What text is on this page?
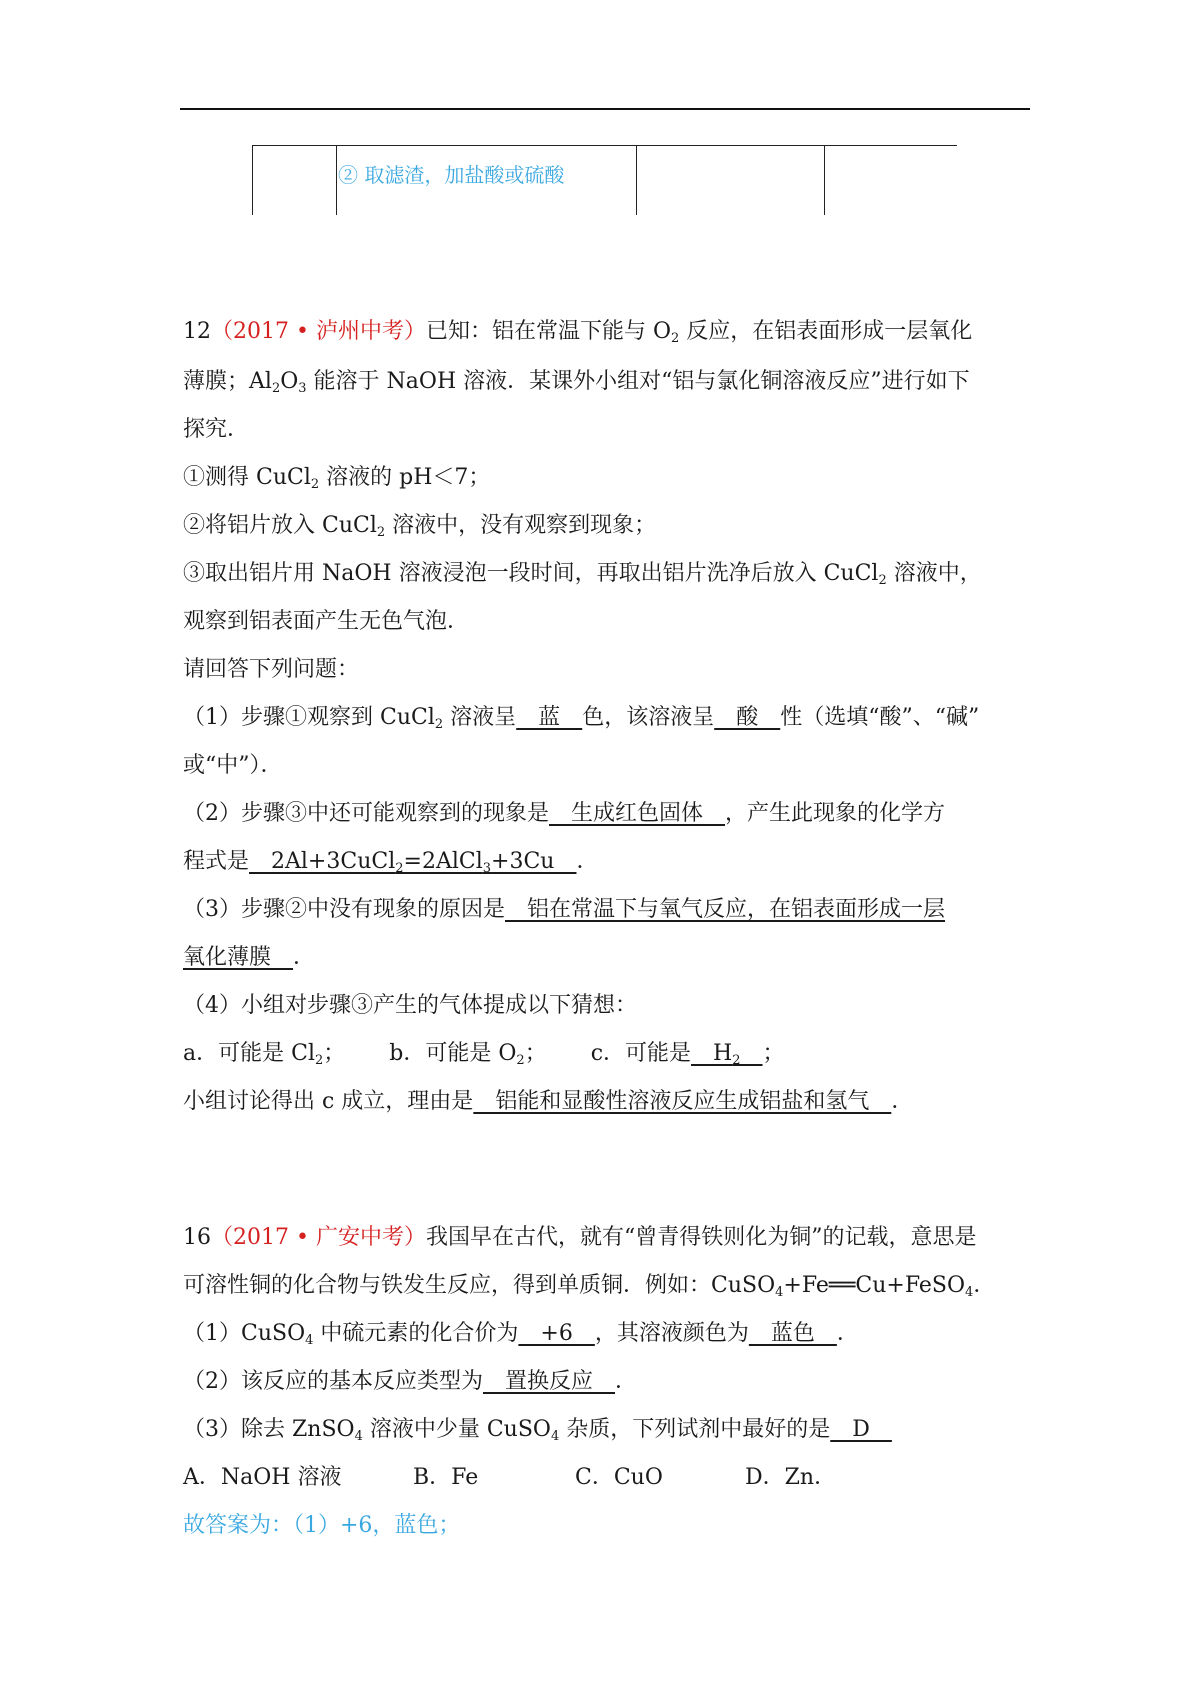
② 取滤渣，加盐酸或硫酸
12（2017 • 泸州中考）已知：铝在常温下能与 $O_2$ 反应，在铝表面形成一层氧化
薄膜；$Al_2O_3$ 能溶于 NaOH 溶液．某课外小组对“铝与氯化铜溶液反应”进行如下
探究．
①测得 CuCl$_2$ 溶液的 pH＜7；
②将铝片放入 CuCl$_2$ 溶液中，没有观察到现象；
③取出铝片用 NaOH 溶液浸泡一段时间，再取出铝片洗净后放入 CuCl$_2$ 溶液中，
观察到铝表面产生无色气泡．
请回答下列问题：
（1）步骤①观察到 CuCl$_2$ 溶液呈　蓝　色，该溶液呈　酸　性（选填“酸”、“碱”
或“中”）．
（2）步骤③中还可能观察到的现象是　生成红色固体　，产生此现象的化学方
程式是　2Al+3CuCl$_2$=2AlCl$_3$+3Cu　．
（3）步骤②中没有现象的原因是　铝在常温下与氧气反应，在铝表面形成一层
氧化薄膜　．
（4）小组对步骤③产生的气体提成以下猜想：
a．可能是 $Cl_2$； b．可能是 $O_2$； c．可能是　$H_2$　 ；
小组讨论得出 c 成立，理由是　铝能和显酸性溶液反应生成铝盐和氢气　．
16（2017 • 广安中考）我国早在古代，就有“曾青得铁则化为铜”的记载，意思是
可溶性铜的化合物与铁发生反应，得到单质铜．例如：CuSO$_4$+Fe══Cu+FeSO$_4$．
（1）CuSO$_4$ 中硫元素的化合价为　+6　，其溶液颜色为　蓝色　．
（2）该反应的基本反应类型为　置换反应　．
（3）除去 ZnSO$_4$ 溶液中少量 CuSO$_4$ 杂质，下列试剂中最好的是　D　
A．NaOH 溶液	B．Fe	C．CuO	D．Zn．
故答案为：（1）+6，蓝色；
